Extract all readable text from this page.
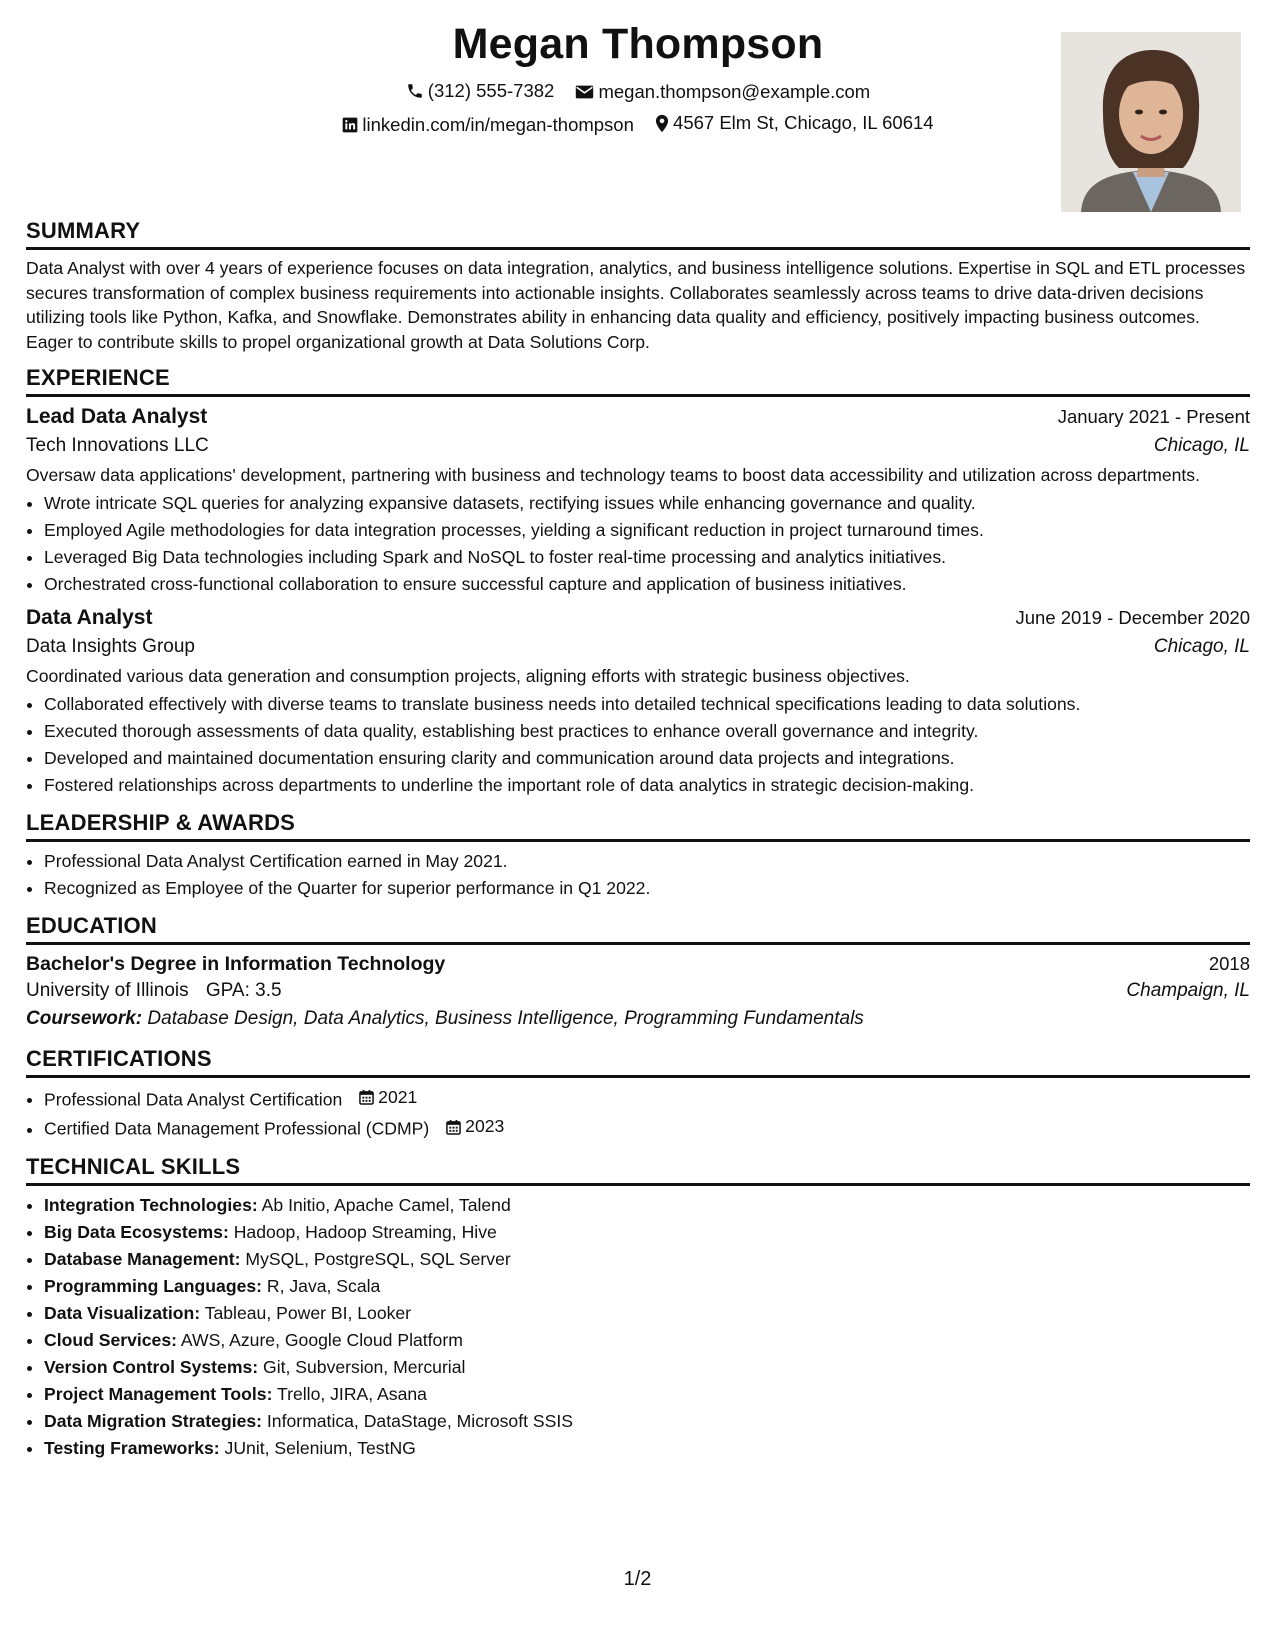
Megan Thompson
(312) 555-7382
megan.thompson@example.com
linkedin.com/in/megan-thompson
4567 Elm St, Chicago, IL 60614
SUMMARY

Data Analyst with over 4 years of experience focuses on data integration, analytics, and business intelligence solutions. Expertise in SQL and ETL processes secures transformation of complex business requirements into actionable insights. Collaborates seamlessly across teams to drive data-driven decisions utilizing tools like Python, Kafka, and Snowflake. Demonstrates ability in enhancing data quality and efficiency, positively impacting business outcomes. Eager to contribute skills to propel organizational growth at Data Solutions Corp.

EXPERIENCE
Lead Data Analyst	January 2021 - Present
Tech Innovations LLC	Chicago, IL

Oversaw data applications' development, partnering with business and technology teams to boost data accessibility and utilization across departments.

• Wrote intricate SQL queries for analyzing expansive datasets, rectifying issues while enhancing governance and quality.
• Employed Agile methodologies for data integration processes, yielding a significant reduction in project turnaround times.
• Leveraged Big Data technologies including Spark and NoSQL to foster real-time processing and analytics initiatives.
• Orchestrated cross-functional collaboration to ensure successful capture and application of business initiatives.
Data Analyst	June 2019 - December 2020
Data Insights Group	Chicago, IL

Coordinated various data generation and consumption projects, aligning efforts with strategic business objectives.

• Collaborated effectively with diverse teams to translate business needs into detailed technical specifications leading to data solutions.
• Executed thorough assessments of data quality, establishing best practices to enhance overall governance and integrity.
• Developed and maintained documentation ensuring clarity and communication around data projects and integrations.
• Fostered relationships across departments to underline the important role of data analytics in strategic decision-making.
LEADERSHIP & AWARDS
• Professional Data Analyst Certification earned in May 2021.
• Recognized as Employee of the Quarter for superior performance in Q1 2022.
EDUCATION
Bachelor's Degree in Information Technology	2018
University of Illinois GPA: 3.5	Champaign, IL
Coursework: Database Design, Data Analytics, Business Intelligence, Programming Fundamentals
CERTIFICATIONS
• Professional Data Analyst Certification 2021
• Certified Data Management Professional (CDMP) 2023
TECHNICAL SKILLS
• Integration Technologies: Ab Initio, Apache Camel, Talend
• Big Data Ecosystems: Hadoop, Hadoop Streaming, Hive
• Database Management: MySQL, PostgreSQL, SQL Server
• Programming Languages: R, Java, Scala
• Data Visualization: Tableau, Power BI, Looker
• Cloud Services: AWS, Azure, Google Cloud Platform
• Version Control Systems: Git, Subversion, Mercurial
• Project Management Tools: Trello, JIRA, Asana
• Data Migration Strategies: Informatica, DataStage, Microsoft SSIS
• Testing Frameworks: JUnit, Selenium, TestNG
1/2
